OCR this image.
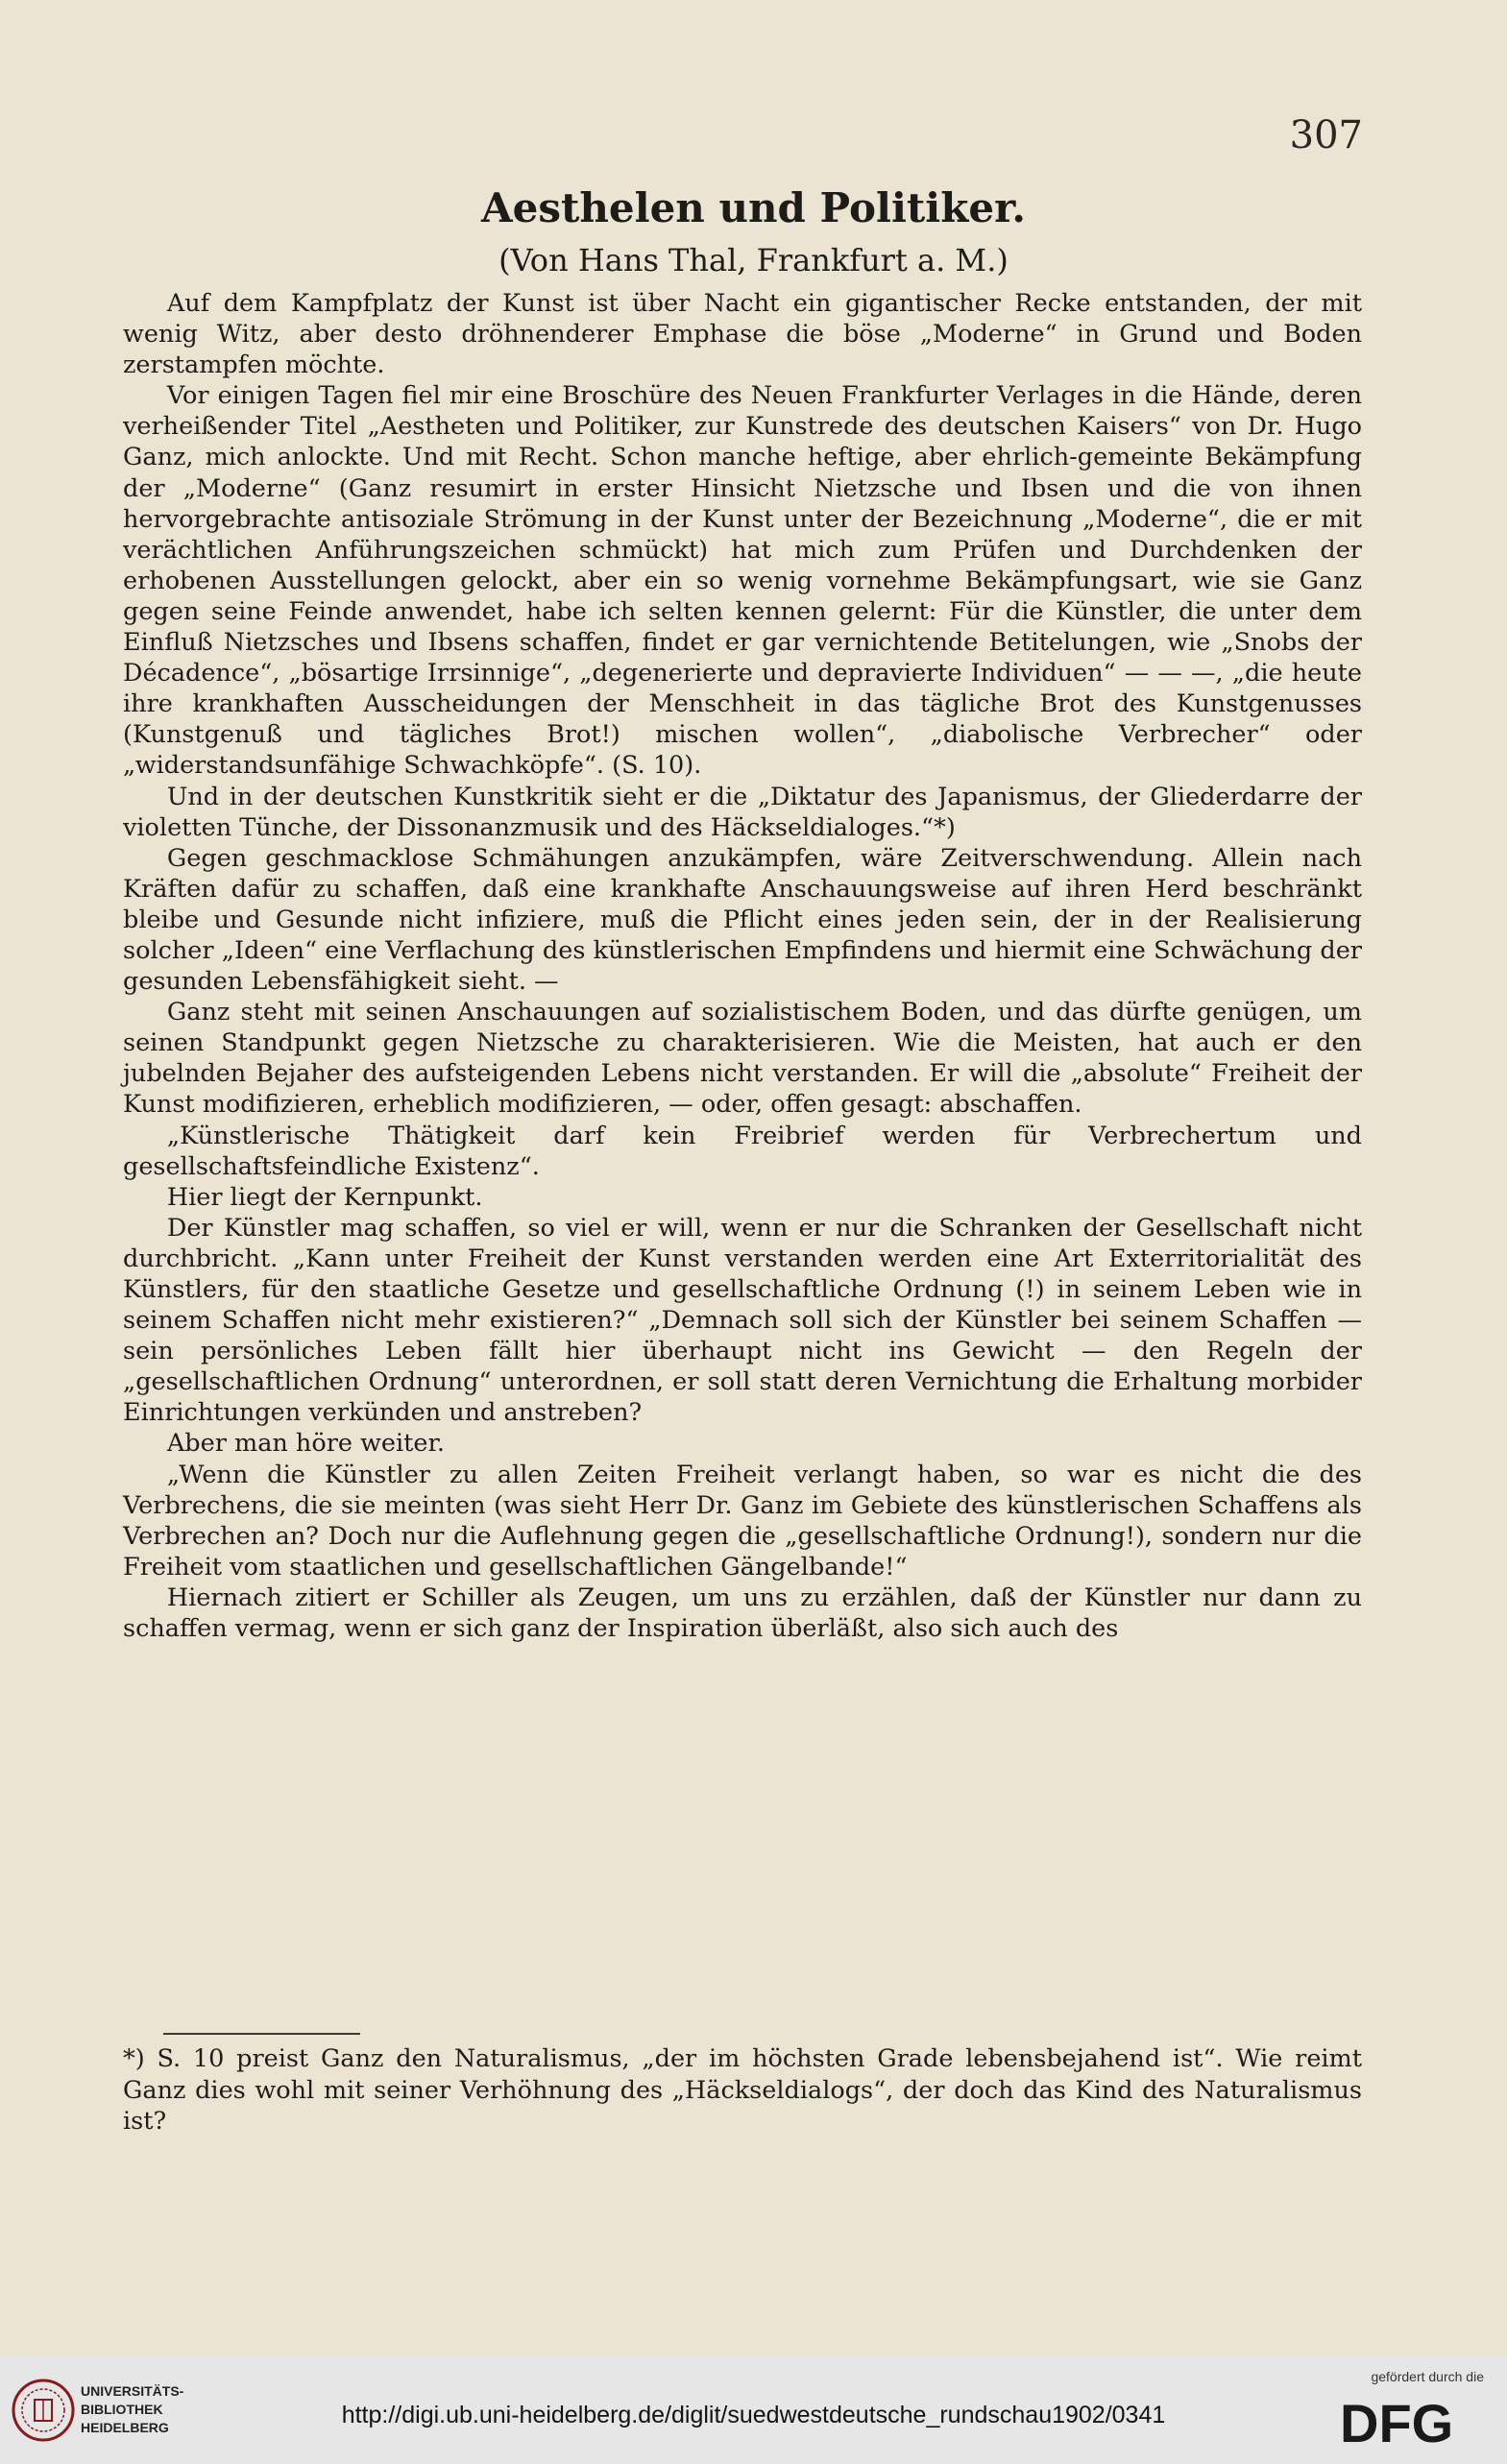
307
Aesthelen und Politiker.
(Von Hans Thal, Frankfurt a. M.)

Auf dem Kampfplatz der Kunst ist über Nacht ein gigantischer Recke entstanden, der mit wenig Witz, aber desto dröhnenderer Emphase die böse „Moderne“ in Grund und Boden zerstampfen möchte.

Vor einigen Tagen fiel mir eine Broschüre des Neuen Frankfurter Verlages in die Hände, deren verheißender Titel „Aestheten und Politiker, zur Kunstrede des deutschen Kaisers“ von Dr. Hugo Ganz, mich anlockte. Und mit Recht. Schon manche heftige, aber ehrlich-gemeinte Bekämpfung der „Moderne“ (Ganz resumirt in erster Hinsicht Nietzsche und Ibsen und die von ihnen hervorgebrachte antisoziale Strömung in der Kunst unter der Bezeichnung „Moderne“, die er mit verächtlichen Anführungszeichen schmückt) hat mich zum Prüfen und Durchdenken der erhobenen Ausstellungen gelockt, aber ein so wenig vornehme Bekämpfungsart, wie sie Ganz gegen seine Feinde anwendet, habe ich selten kennen gelernt: Für die Künstler, die unter dem Einfluß Nietzsches und Ibsens schaffen, findet er gar vernichtende Betitelungen, wie „Snobs der Décadence“, „bösartige Irrsinnige“, „degenerierte und depravierte Individuen“ — — —, „die heute ihre krankhaften Ausscheidungen der Menschheit in das tägliche Brot des Kunstgenusses (Kunstgenuß und tägliches Brot!) mischen wollen“, „diabolische Verbrecher“ oder „widerstandsunfähige Schwachköpfe“. (S. 10).

Und in der deutschen Kunstkritik sieht er die „Diktatur des Japanismus, der Gliederdarre der violetten Tünche, der Dissonanzmusik und des Häckseldialoges.“*)

Gegen geschmacklose Schmähungen anzukämpfen, wäre Zeitverschwendung. Allein nach Kräften dafür zu schaffen, daß eine krankhafte Anschauungsweise auf ihren Herd beschränkt bleibe und Gesunde nicht infiziere, muß die Pflicht eines jeden sein, der in der Realisierung solcher „Ideen“ eine Verflachung des künstlerischen Empfindens und hiermit eine Schwächung der gesunden Lebensfähigkeit sieht. —

Ganz steht mit seinen Anschauungen auf sozialistischem Boden, und das dürfte genügen, um seinen Standpunkt gegen Nietzsche zu charakterisieren. Wie die Meisten, hat auch er den jubelnden Bejaher des aufsteigenden Lebens nicht verstanden. Er will die „absolute“ Freiheit der Kunst modifizieren, erheblich modifizieren, — oder, offen gesagt: abschaffen.

„Künstlerische Thätigkeit darf kein Freibrief werden für Verbrechertum und gesellschaftsfeindliche Existenz“.

Hier liegt der Kernpunkt.

Der Künstler mag schaffen, so viel er will, wenn er nur die Schranken der Gesellschaft nicht durchbricht. „Kann unter Freiheit der Kunst verstanden werden eine Art Exterritorialität des Künstlers, für den staatliche Gesetze und gesellschaftliche Ordnung (!) in seinem Leben wie in seinem Schaffen nicht mehr existieren?“ „Demnach soll sich der Künstler bei seinem Schaffen — sein persönliches Leben fällt hier überhaupt nicht ins Gewicht — den Regeln der „gesellschaftlichen Ordnung“ unterordnen, er soll statt deren Vernichtung die Erhaltung morbider Einrichtungen verkünden und anstreben?

Aber man höre weiter.

„Wenn die Künstler zu allen Zeiten Freiheit verlangt haben, so war es nicht die des Verbrechens, die sie meinten (was sieht Herr Dr. Ganz im Gebiete des künstlerischen Schaffens als Verbrechen an? Doch nur die Auflehnung gegen die „gesellschaftliche Ordnung!), sondern nur die Freiheit vom staatlichen und gesellschaftlichen Gängelbande!“

Hiernach zitiert er Schiller als Zeugen, um uns zu erzählen, daß der Künstler nur dann zu schaffen vermag, wenn er sich ganz der Inspiration überläßt, also sich auch des

*) S. 10 preist Ganz den Naturalismus, „der im höchsten Grade lebensbejahend ist“. Wie reimt Ganz dies wohl mit seiner Verhöhnung des „Häckseldialogs“, der doch das Kind des Naturalismus ist?

UNIVERSITÄTS-
BIBLIOTHEK
HEIDELBERG	http://digi.ub.uni-heidelberg.de/diglit/suedwestdeutsche_rundschau1902/0341
gefördert durch die
DFG
